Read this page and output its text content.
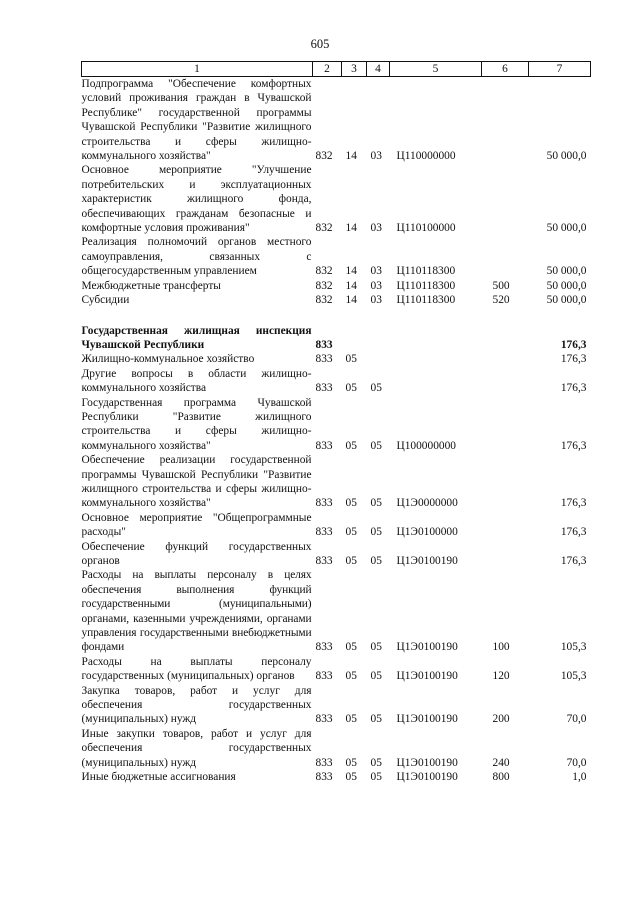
605
1	2	3	4	5	6	7
Подпрограмма "Обеспечение комфортных условий проживания граждан в Чувашской Республике" государственной программы Чувашской Республики "Развитие жилищного строительства и сферы жилищно-коммунального хозяйства"	832	14	03	Ц110000000		50 000,0
Основное мероприятие "Улучшение потребительских и эксплуатационных характеристик жилищного фонда, обеспечивающих гражданам безопасные и комфортные условия проживания"	832	14	03	Ц110100000		50 000,0
Реализация полномочий органов местного самоуправления, связанных с общегосударственным управлением	832	14	03	Ц110118300		50 000,0
Межбюджетные трансферты	832	14	03	Ц110118300	500	50 000,0
Субсидии	832	14	03	Ц110118300	520	50 000,0

Государственная жилищная инспекция Чувашской Республики	833					176,3
Жилищно-коммунальное хозяйство	833	05				176,3
Другие вопросы в области жилищно-коммунального хозяйства	833	05	05			176,3
Государственная программа Чувашской Республики "Развитие жилищного строительства и сферы жилищно-коммунального хозяйства"	833	05	05	Ц100000000		176,3
Обеспечение реализации государственной программы Чувашской Республики "Развитие жилищного строительства и сферы жилищно-коммунального хозяйства"	833	05	05	Ц1Э0000000		176,3
Основное мероприятие "Общепрограммные расходы"	833	05	05	Ц1Э0100000		176,3
Обеспечение функций государственных органов	833	05	05	Ц1Э0100190		176,3
Расходы на выплаты персоналу в целях обеспечения выполнения функций государственными (муниципальными) органами, казенными учреждениями, органами управления государственными внебюджетными фондами	833	05	05	Ц1Э0100190	100	105,3
Расходы на выплаты персоналу государственных (муниципальных) органов	833	05	05	Ц1Э0100190	120	105,3
Закупка товаров, работ и услуг для обеспечения государственных (муниципальных) нужд	833	05	05	Ц1Э0100190	200	70,0
Иные закупки товаров, работ и услуг для обеспечения государственных (муниципальных) нужд	833	05	05	Ц1Э0100190	240	70,0
Иные бюджетные ассигнования	833	05	05	Ц1Э0100190	800	1,0
